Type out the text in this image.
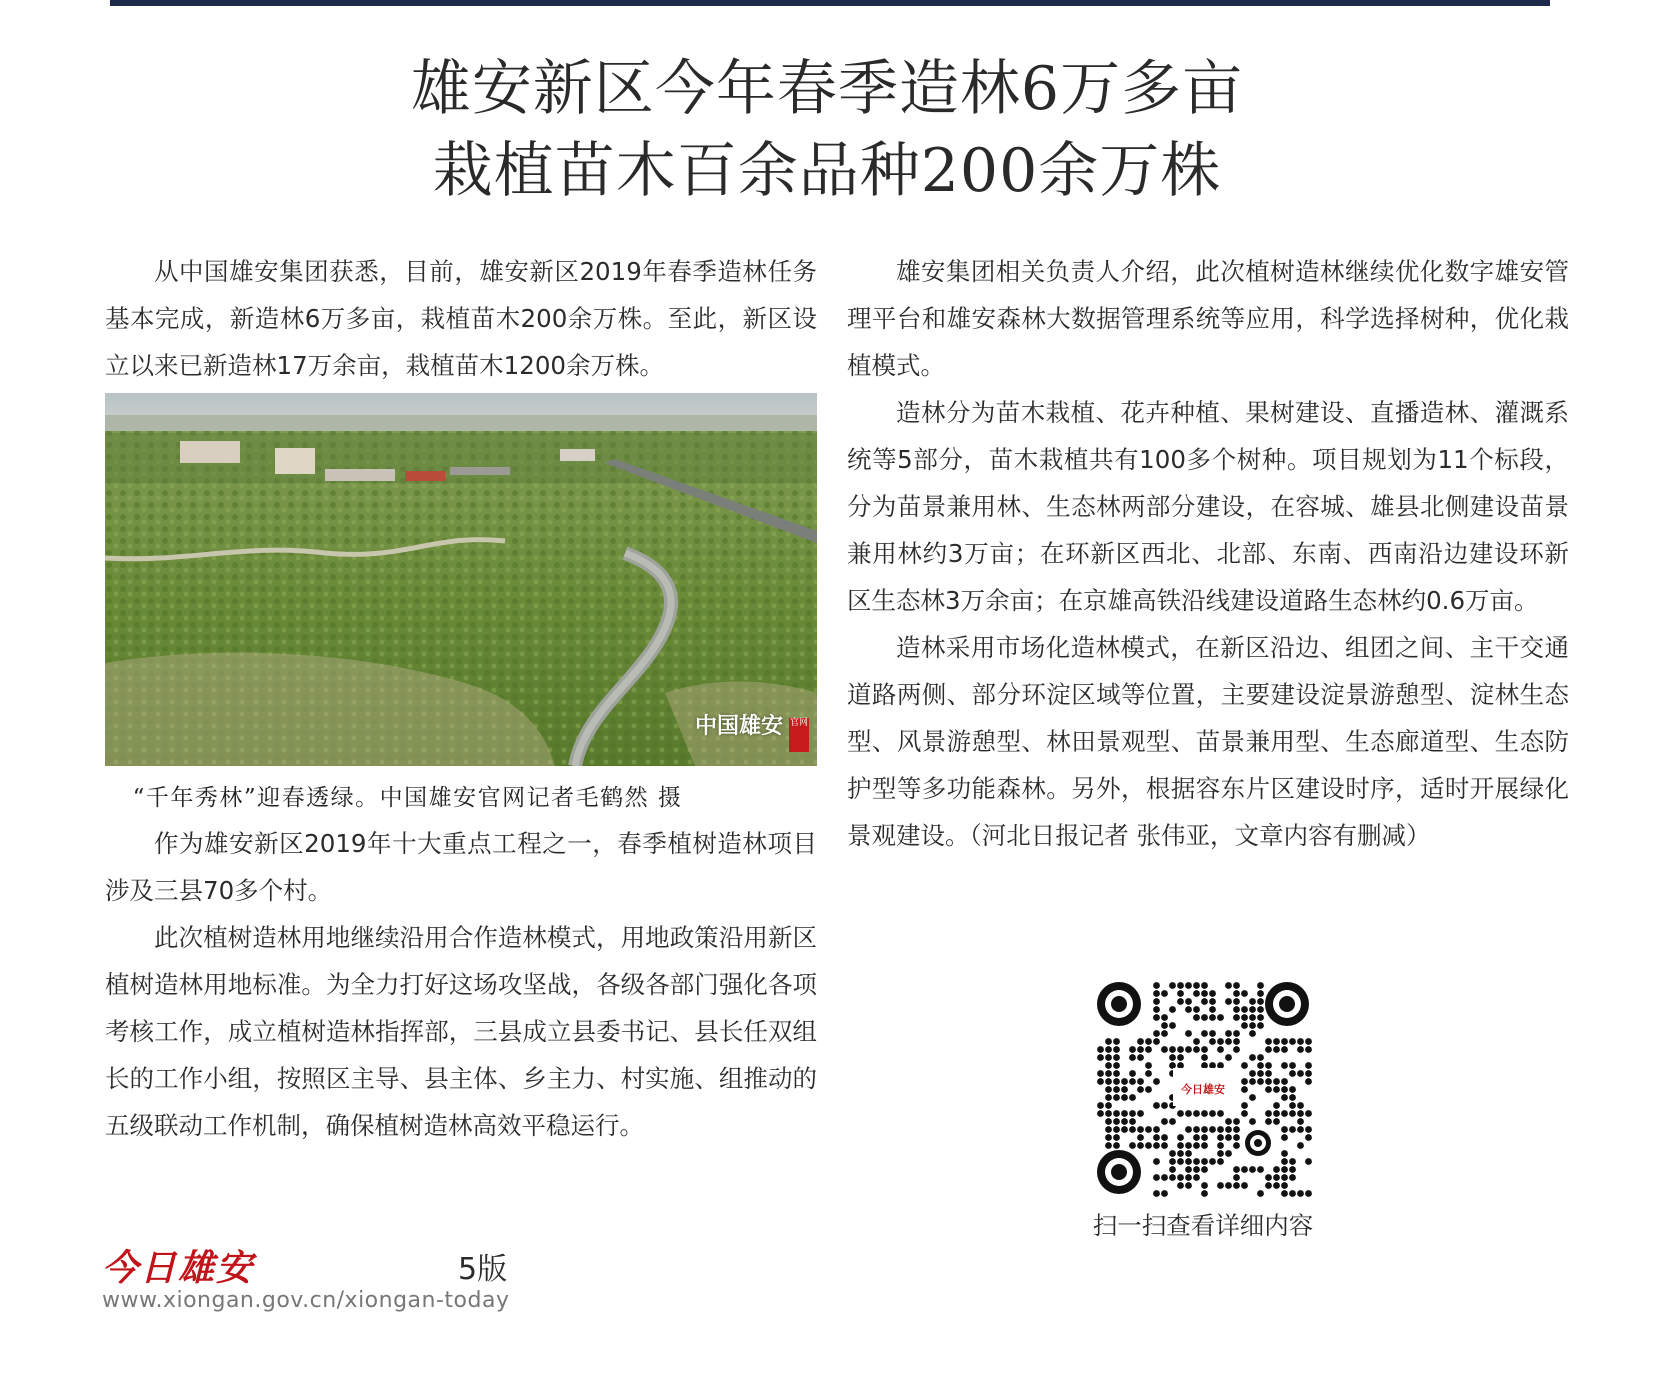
雄安新区今年春季造林6万多亩
栽植苗木百余品种200余万株

从中国雄安集团获悉，目前，雄安新区2019年春季造林任务基本完成，新造林6万多亩，栽植苗木200余万株。至此，新区设立以来已新造林17万余亩，栽植苗木1200余万株。

中国雄安 官网
“千年秀林”迎春透绿。中国雄安官网记者毛鹤然 摄

作为雄安新区2019年十大重点工程之一，春季植树造林项目涉及三县70多个村。

此次植树造林用地继续沿用合作造林模式，用地政策沿用新区植树造林用地标准。为全力打好这场攻坚战，各级各部门强化各项考核工作，成立植树造林指挥部，三县成立县委书记、县长任双组长的工作小组，按照区主导、县主体、乡主力、村实施、组推动的五级联动工作机制，确保植树造林高效平稳运行。

雄安集团相关负责人介绍，此次植树造林继续优化数字雄安管理平台和雄安森林大数据管理系统等应用，科学选择树种，优化栽植模式。

造林分为苗木栽植、花卉种植、果树建设、直播造林、灌溉系统等5部分，苗木栽植共有100多个树种。项目规划为11个标段，分为苗景兼用林、生态林两部分建设，在容城、雄县北侧建设苗景兼用林约3万亩；在环新区西北、北部、东南、西南沿边建设环新区生态林3万余亩；在京雄高铁沿线建设道路生态林约0.6万亩。

造林采用市场化造林模式，在新区沿边、组团之间、主干交通道路两侧、部分环淀区域等位置，主要建设淀景游憩型、淀林生态型、风景游憩型、林田景观型、苗景兼用型、生态廊道型、生态防护型等多功能森林。另外，根据容东片区建设时序，适时开展绿化景观建设。（河北日报记者 张伟亚，文章内容有删减）

今日雄安
扫一扫查看详细内容
今日雄安	5版
www.xiongan.gov.cn/xiongan-today
